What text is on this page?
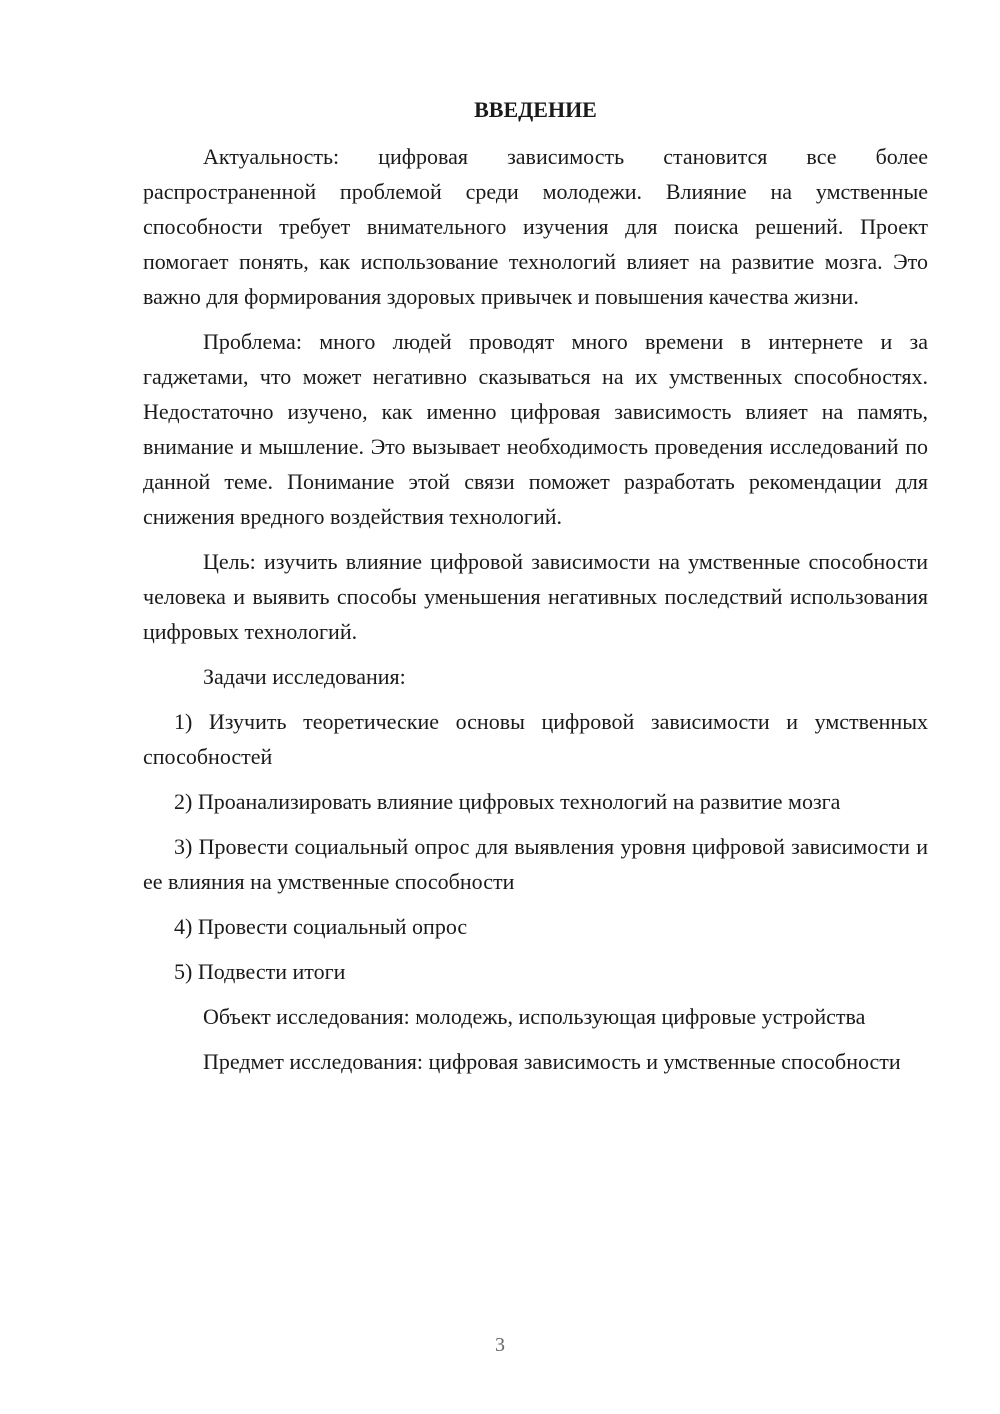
ВВЕДЕНИЕ

Актуальность: цифровая зависимость становится все более распространенной проблемой среди молодежи. Влияние на умственные способности требует внимательного изучения для поиска решений. Проект помогает понять, как использование технологий влияет на развитие мозга. Это важно для формирования здоровых привычек и повышения качества жизни.

Проблема: много людей проводят много времени в интернете и за гаджетами, что может негативно сказываться на их умственных способностях. Недостаточно изучено, как именно цифровая зависимость влияет на память, внимание и мышление. Это вызывает необходимость проведения исследований по данной теме. Понимание этой связи поможет разработать рекомендации для снижения вредного воздействия технологий.

Цель: изучить влияние цифровой зависимости на умственные способности человека и выявить способы уменьшения негативных последствий использования цифровых технологий.

Задачи исследования:

1) Изучить теоретические основы цифровой зависимости и умственных способностей

2) Проанализировать влияние цифровых технологий на развитие мозга

3) Провести социальный опрос для выявления уровня цифровой зависимости и ее влияния на умственные способности

4) Провести социальный опрос

5) Подвести итоги

Объект исследования: молодежь, использующая цифровые устройства

Предмет исследования: цифровая зависимость и умственные способности

3
